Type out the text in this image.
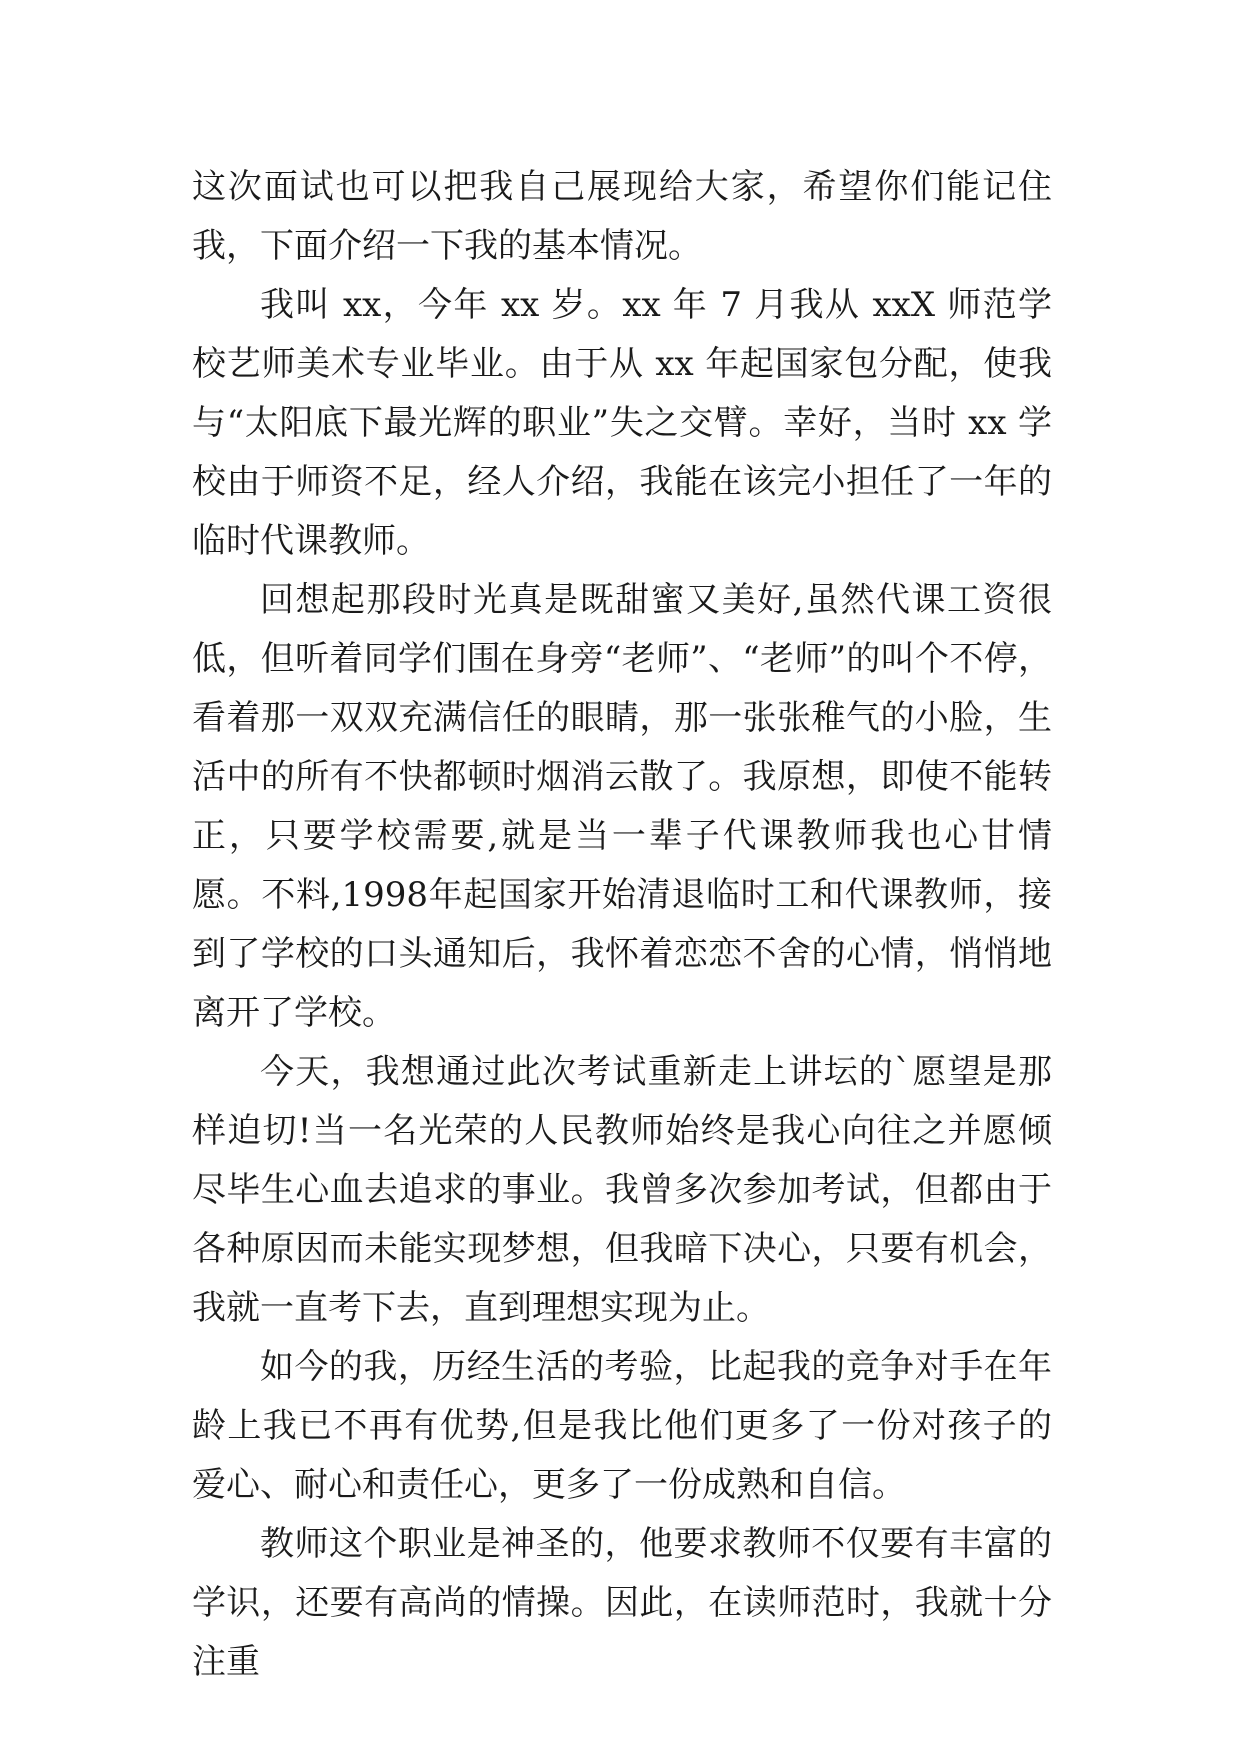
这次面试也可以把我自己展现给大家，希望你们能记住我，下面介绍一下我的基本情况。

我叫 xx，今年 xx 岁。xx 年 7 月我从 xxX 师范学校艺师美术专业毕业。由于从 xx 年起国家包分配，使我与“太阳底下最光辉的职业”失之交臂。幸好，当时 xx 学校由于师资不足，经人介绍，我能在该完小担任了一年的临时代课教师。

回想起那段时光真是既甜蜜又美好,虽然代课工资很低，但听着同学们围在身旁“老师”、“老师”的叫个不停，看着那一双双充满信任的眼睛，那一张张稚气的小脸，生活中的所有不快都顿时烟消云散了。我原想，即使不能转正，只要学校需要,就是当一辈子代课教师我也心甘情愿。不料,1998年起国家开始清退临时工和代课教师，接到了学校的口头通知后，我怀着恋恋不舍的心情，悄悄地离开了学校。

今天，我想通过此次考试重新走上讲坛的`愿望是那样迫切!当一名光荣的人民教师始终是我心向往之并愿倾尽毕生心血去追求的事业。我曾多次参加考试，但都由于各种原因而未能实现梦想，但我暗下决心，只要有机会，我就一直考下去，直到理想实现为止。

如今的我，历经生活的考验，比起我的竞争对手在年龄上我已不再有优势,但是我比他们更多了一份对孩子的爱心、耐心和责任心，更多了一份成熟和自信。

教师这个职业是神圣的，他要求教师不仅要有丰富的学识，还要有高尚的情操。因此，在读师范时，我就十分注重
